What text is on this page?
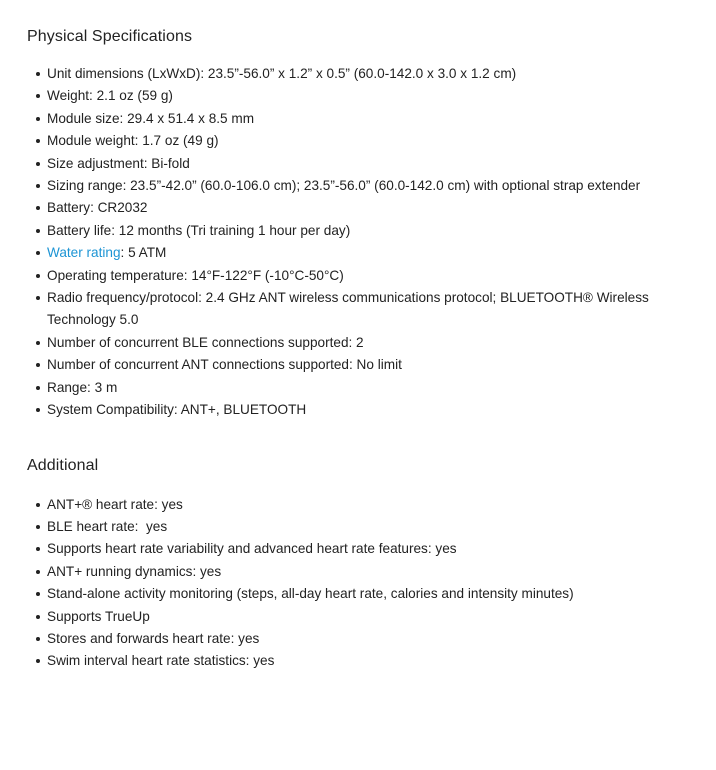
Physical Specifications
Unit dimensions (LxWxD): 23.5”-56.0” x 1.2” x 0.5” (60.0-142.0 x 3.0 x 1.2 cm)
Weight: 2.1 oz (59 g)
Module size: 29.4 x 51.4 x 8.5 mm
Module weight: 1.7 oz (49 g)
Size adjustment: Bi-fold
Sizing range: 23.5”-42.0” (60.0-106.0 cm); 23.5”-56.0” (60.0-142.0 cm) with optional strap extender
Battery: CR2032
Battery life: 12 months (Tri training 1 hour per day)
Water rating: 5 ATM
Operating temperature: 14°F-122°F (-10°C-50°C)
Radio frequency/protocol: 2.4 GHz ANT wireless communications protocol; BLUETOOTH® Wireless Technology 5.0
Number of concurrent BLE connections supported: 2
Number of concurrent ANT connections supported: No limit
Range: 3 m
System Compatibility: ANT+, BLUETOOTH
Additional
ANT+® heart rate: yes
BLE heart rate:  yes
Supports heart rate variability and advanced heart rate features: yes
ANT+ running dynamics: yes
Stand-alone activity monitoring (steps, all-day heart rate, calories and intensity minutes)
Supports TrueUp
Stores and forwards heart rate: yes
Swim interval heart rate statistics: yes
